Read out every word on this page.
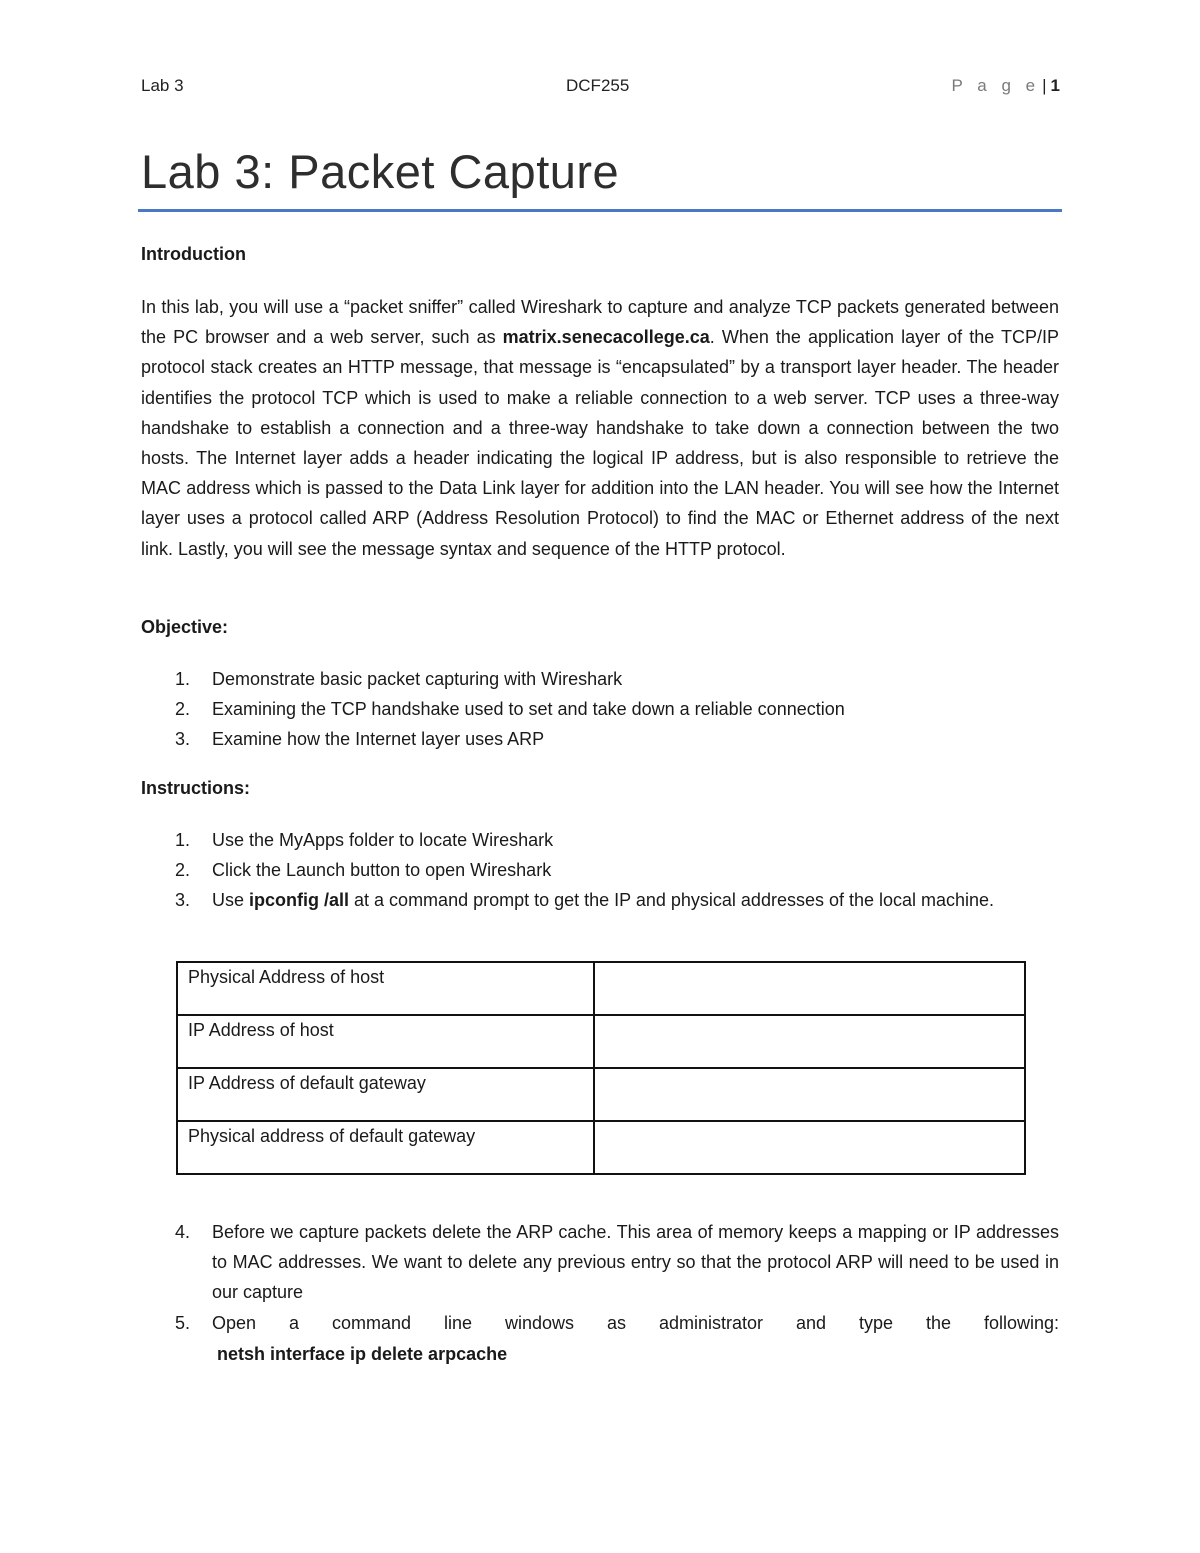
Lab 3	DCF255	P a g e | 1
Lab 3: Packet Capture
Introduction

In this lab, you will use a “packet sniffer” called Wireshark to capture and analyze TCP packets generated between the PC browser and a web server, such as matrix.senecacollege.ca. When the application layer of the TCP/IP protocol stack creates an HTTP message, that message is “encapsulated” by a transport layer header. The header identifies the protocol TCP which is used to make a reliable connection to a web server. TCP uses a three-way handshake to establish a connection and a three-way handshake to take down a connection between the two hosts. The Internet layer adds a header indicating the logical IP address, but is also responsible to retrieve the MAC address which is passed to the Data Link layer for addition into the LAN header. You will see how the Internet layer uses a protocol called ARP (Address Resolution Protocol) to find the MAC or Ethernet address of the next link. Lastly, you will see the message syntax and sequence of the HTTP protocol.

Objective:
1. Demonstrate basic packet capturing with Wireshark
2. Examining the TCP handshake used to set and take down a reliable connection
3. Examine how the Internet layer uses ARP
Instructions:
1. Use the MyApps folder to locate Wireshark
2. Click the Launch button to open Wireshark
3. Use ipconfig /all at a command prompt to get the IP and physical addresses of the local machine.
Physical Address of host	
IP Address of host	
IP Address of default gateway	
Physical address of default gateway	
4. Before we capture packets delete the ARP cache. This area of memory keeps a mapping or IP addresses to MAC addresses. We want to delete any previous entry so that the protocol ARP will need to be used in our capture
5. Open a command line windows as administrator and type the following:
netsh interface ip delete arpcache
